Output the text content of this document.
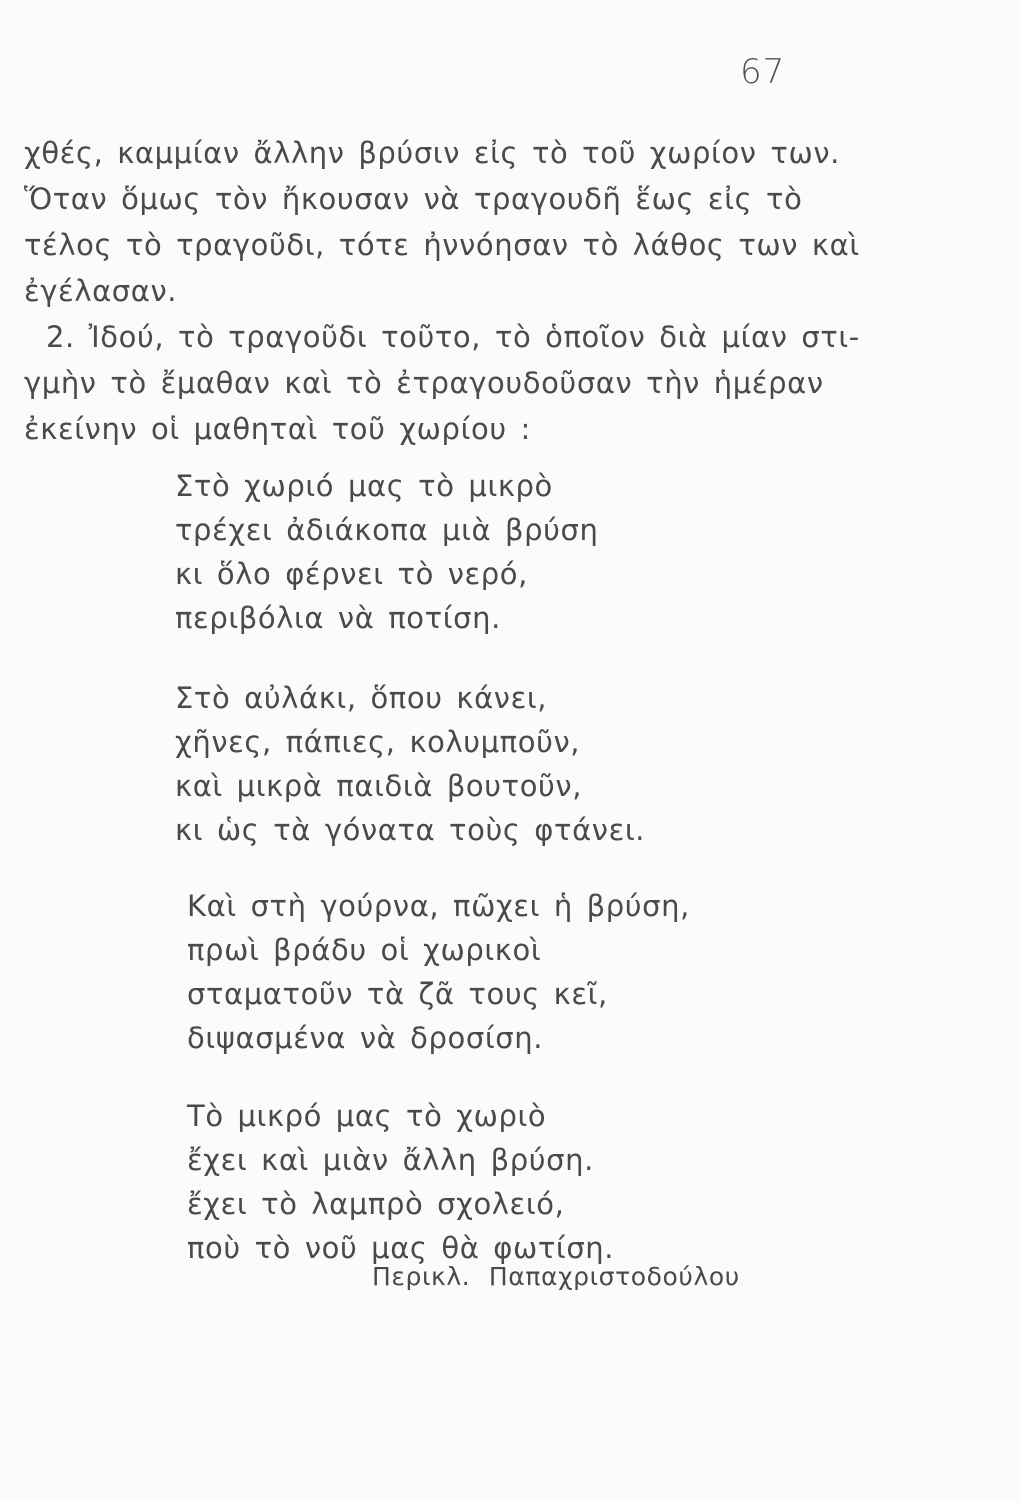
67
χθές, καμμίαν ἄλλην βρύσιν εἰς τὸ τοῦ χωρίον των.
Ὅταν ὅμως τὸν ἤκουσαν νὰ τραγουδῆ ἕως εἰς τὸ
τέλος τὸ τραγοῦδι, τότε ἠννόησαν τὸ λάθος των καὶ
ἐγέλασαν.
2. Ἰδού, τὸ τραγοῦδι τοῦτο, τὸ ὁποῖον διὰ μίαν στι-
γμὴν τὸ ἔμαθαν καὶ τὸ ἐτραγουδοῦσαν τὴν ἡμέραν
ἐκείνην οἱ μαθηταὶ τοῦ χωρίου :
Στὸ χωριό μας τὸ μικρὸ
τρέχει ἀδιάκοπα μιὰ βρύση
κι ὅλο φέρνει τὸ νερό,
περιβόλια νὰ ποτίση.
Στὸ αὐλάκι, ὅπου κάνει,
χῆνες, πάπιες, κολυμποῦν,
καὶ μικρὰ παιδιὰ βουτοῦν,
κι ὡς τὰ γόνατα τοὺς φτάνει.
Καὶ στὴ γούρνα, πῶχει ἡ βρύση,
πρωὶ βράδυ οἱ χωρικοὶ
σταματοῦν τὰ ζᾶ τους κεῖ,
διψασμένα νὰ δροσίση.
Τὸ μικρό μας τὸ χωριὸ
ἔχει καὶ μιὰν ἄλλη βρύση.
ἔχει τὸ λαμπρὸ σχολειό,
ποὺ τὸ νοῦ μας θὰ φωτίση.
Περικλ. Παπαχριστοδούλου
